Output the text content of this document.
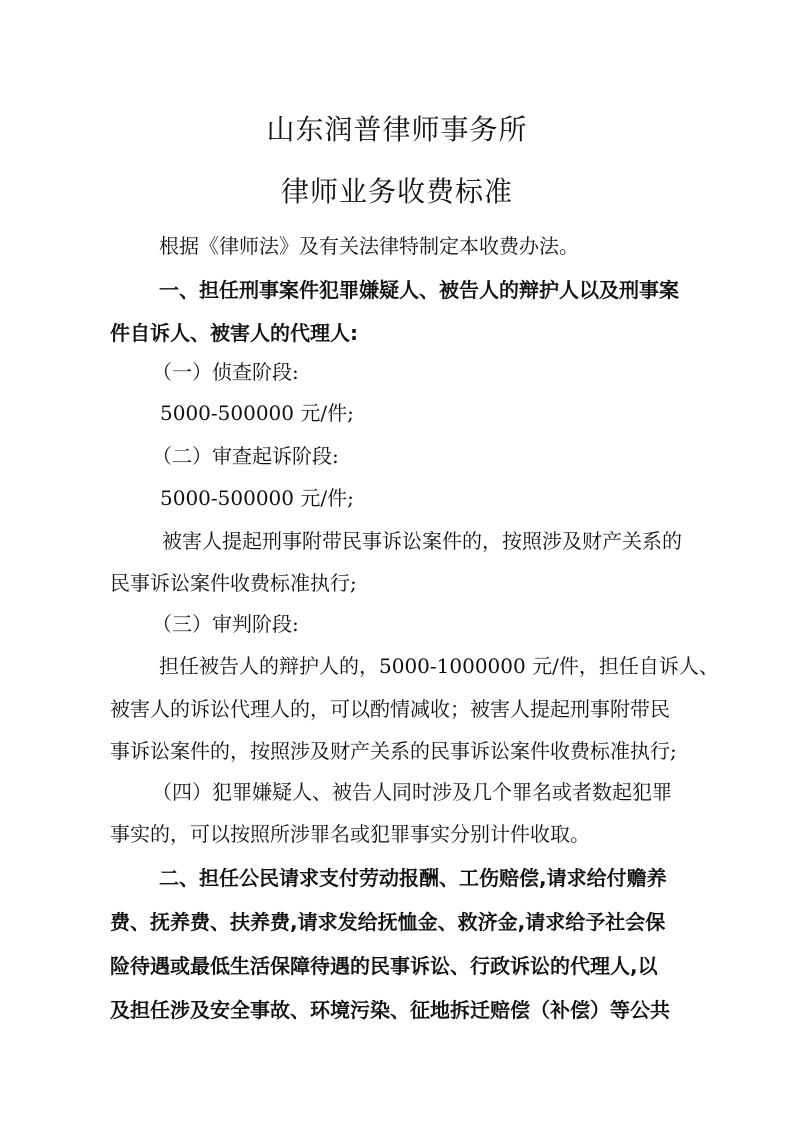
山东润普律师事务所
律师业务收费标准
根据《律师法》及有关法律特制定本收费办法。
一、担任刑事案件犯罪嫌疑人、被告人的辩护人以及刑事案
件自诉人、被害人的代理人:
（一）侦查阶段:
5000-500000 元/件;
（二）审查起诉阶段:
5000-500000 元/件;
被害人提起刑事附带民事诉讼案件的，按照涉及财产关系的
民事诉讼案件收费标准执行;
（三）审判阶段:
担任被告人的辩护人的，5000-1000000 元/件，担任自诉人、
被害人的诉讼代理人的，可以酌情减收；被害人提起刑事附带民
事诉讼案件的，按照涉及财产关系的民事诉讼案件收费标准执行;
（四）犯罪嫌疑人、被告人同时涉及几个罪名或者数起犯罪
事实的，可以按照所涉罪名或犯罪事实分别计件收取。
二、担任公民请求支付劳动报酬、工伤赔偿,请求给付赡养
费、抚养费、扶养费,请求发给抚恤金、救济金,请求给予社会保
险待遇或最低生活保障待遇的民事诉讼、行政诉讼的代理人,以
及担任涉及安全事故、环境污染、征地拆迁赔偿（补偿）等公共
